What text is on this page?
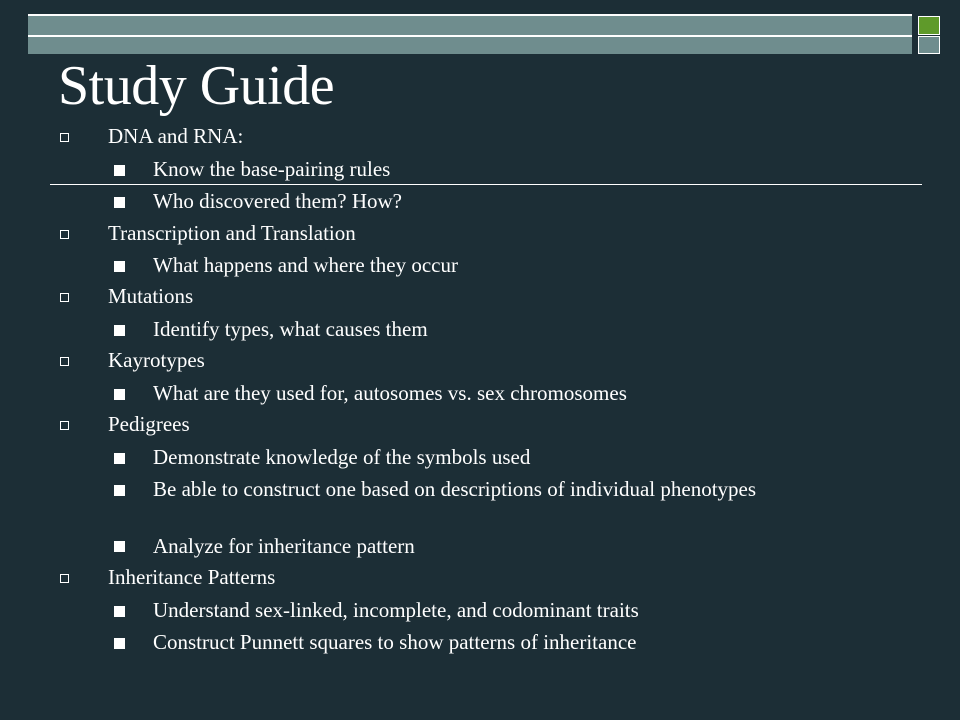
Study Guide
DNA and RNA:
Know the base-pairing rules
Who discovered them? How?
Transcription and Translation
What happens and where they occur
Mutations
Identify types, what causes them
Kayrotypes
What are they used for, autosomes vs. sex chromosomes
Pedigrees
Demonstrate knowledge of the symbols used
Be able to construct one based on descriptions of individual phenotypes
Analyze for inheritance pattern
Inheritance Patterns
Understand sex-linked, incomplete, and codominant traits
Construct Punnett squares to show patterns of inheritance
